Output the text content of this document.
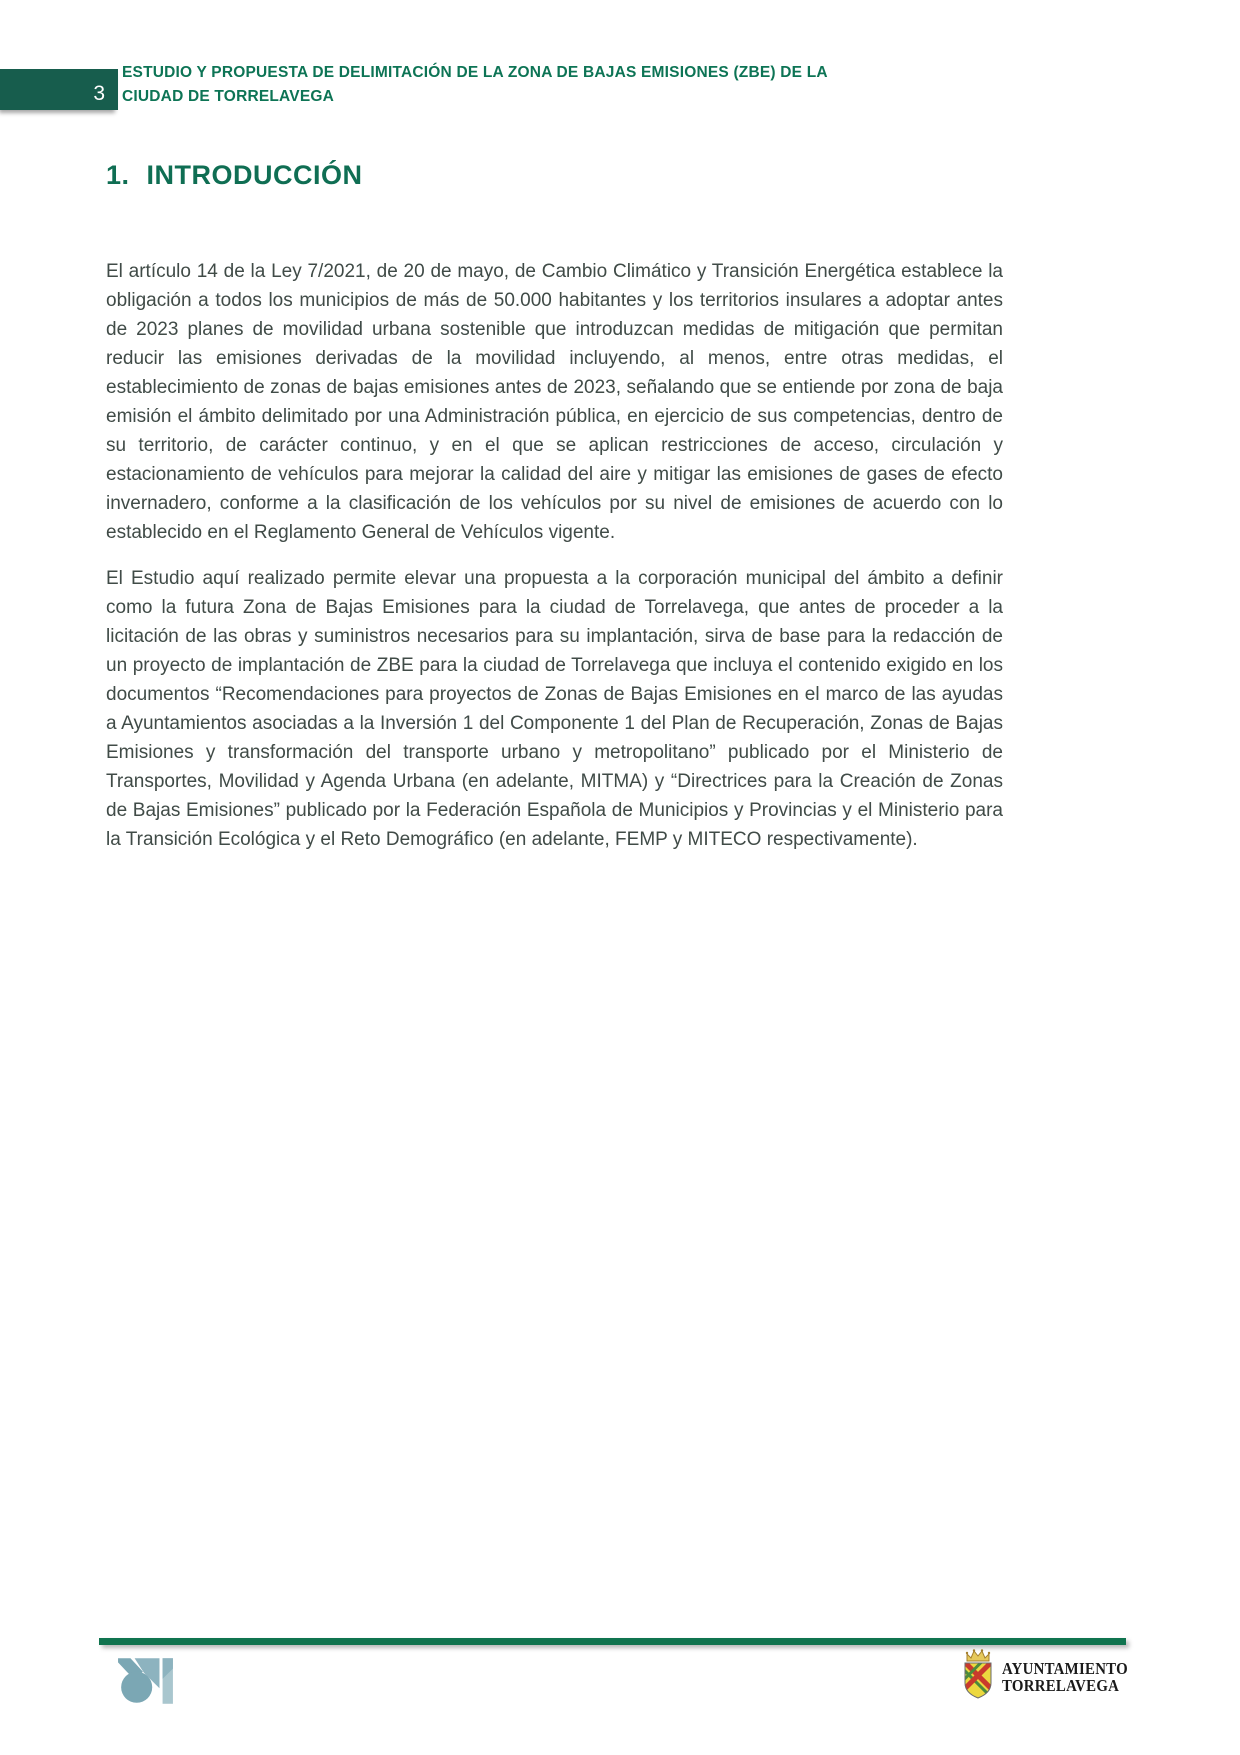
3
ESTUDIO Y PROPUESTA DE DELIMITACIÓN DE LA ZONA DE BAJAS EMISIONES (ZBE) DE LA
CIUDAD DE TORRELAVEGA
1. INTRODUCCIÓN

El artículo 14 de la Ley 7/2021, de 20 de mayo, de Cambio Climático y Transición Energética establece la obligación a todos los municipios de más de 50.000 habitantes y los territorios insulares a adoptar antes de 2023 planes de movilidad urbana sostenible que introduzcan medidas de mitigación que permitan reducir las emisiones derivadas de la movilidad incluyendo, al menos, entre otras medidas, el establecimiento de zonas de bajas emisiones antes de 2023, señalando que se entiende por zona de baja emisión el ámbito delimitado por una Administración pública, en ejercicio de sus competencias, dentro de su territorio, de carácter continuo, y en el que se aplican restricciones de acceso, circulación y estacionamiento de vehículos para mejorar la calidad del aire y mitigar las emisiones de gases de efecto invernadero, conforme a la clasificación de los vehículos por su nivel de emisiones de acuerdo con lo establecido en el Reglamento General de Vehículos vigente.

El Estudio aquí realizado permite elevar una propuesta a la corporación municipal del ámbito a definir como la futura Zona de Bajas Emisiones para la ciudad de Torrelavega, que antes de proceder a la licitación de las obras y suministros necesarios para su implantación, sirva de base para la redacción de un proyecto de implantación de ZBE para la ciudad de Torrelavega que incluya el contenido exigido en los documentos “Recomendaciones para proyectos de Zonas de Bajas Emisiones en el marco de las ayudas a Ayuntamientos asociadas a la Inversión 1 del Componente 1 del Plan de Recuperación, Zonas de Bajas Emisiones y transformación del transporte urbano y metropolitano” publicado por el Ministerio de Transportes, Movilidad y Agenda Urbana (en adelante, MITMA) y “Directrices para la Creación de Zonas de Bajas Emisiones” publicado por la Federación Española de Municipios y Provincias y el Ministerio para la Transición Ecológica y el Reto Demográfico (en adelante, FEMP y MITECO respectivamente).

AYUNTAMIENTO
TORRELAVEGA
